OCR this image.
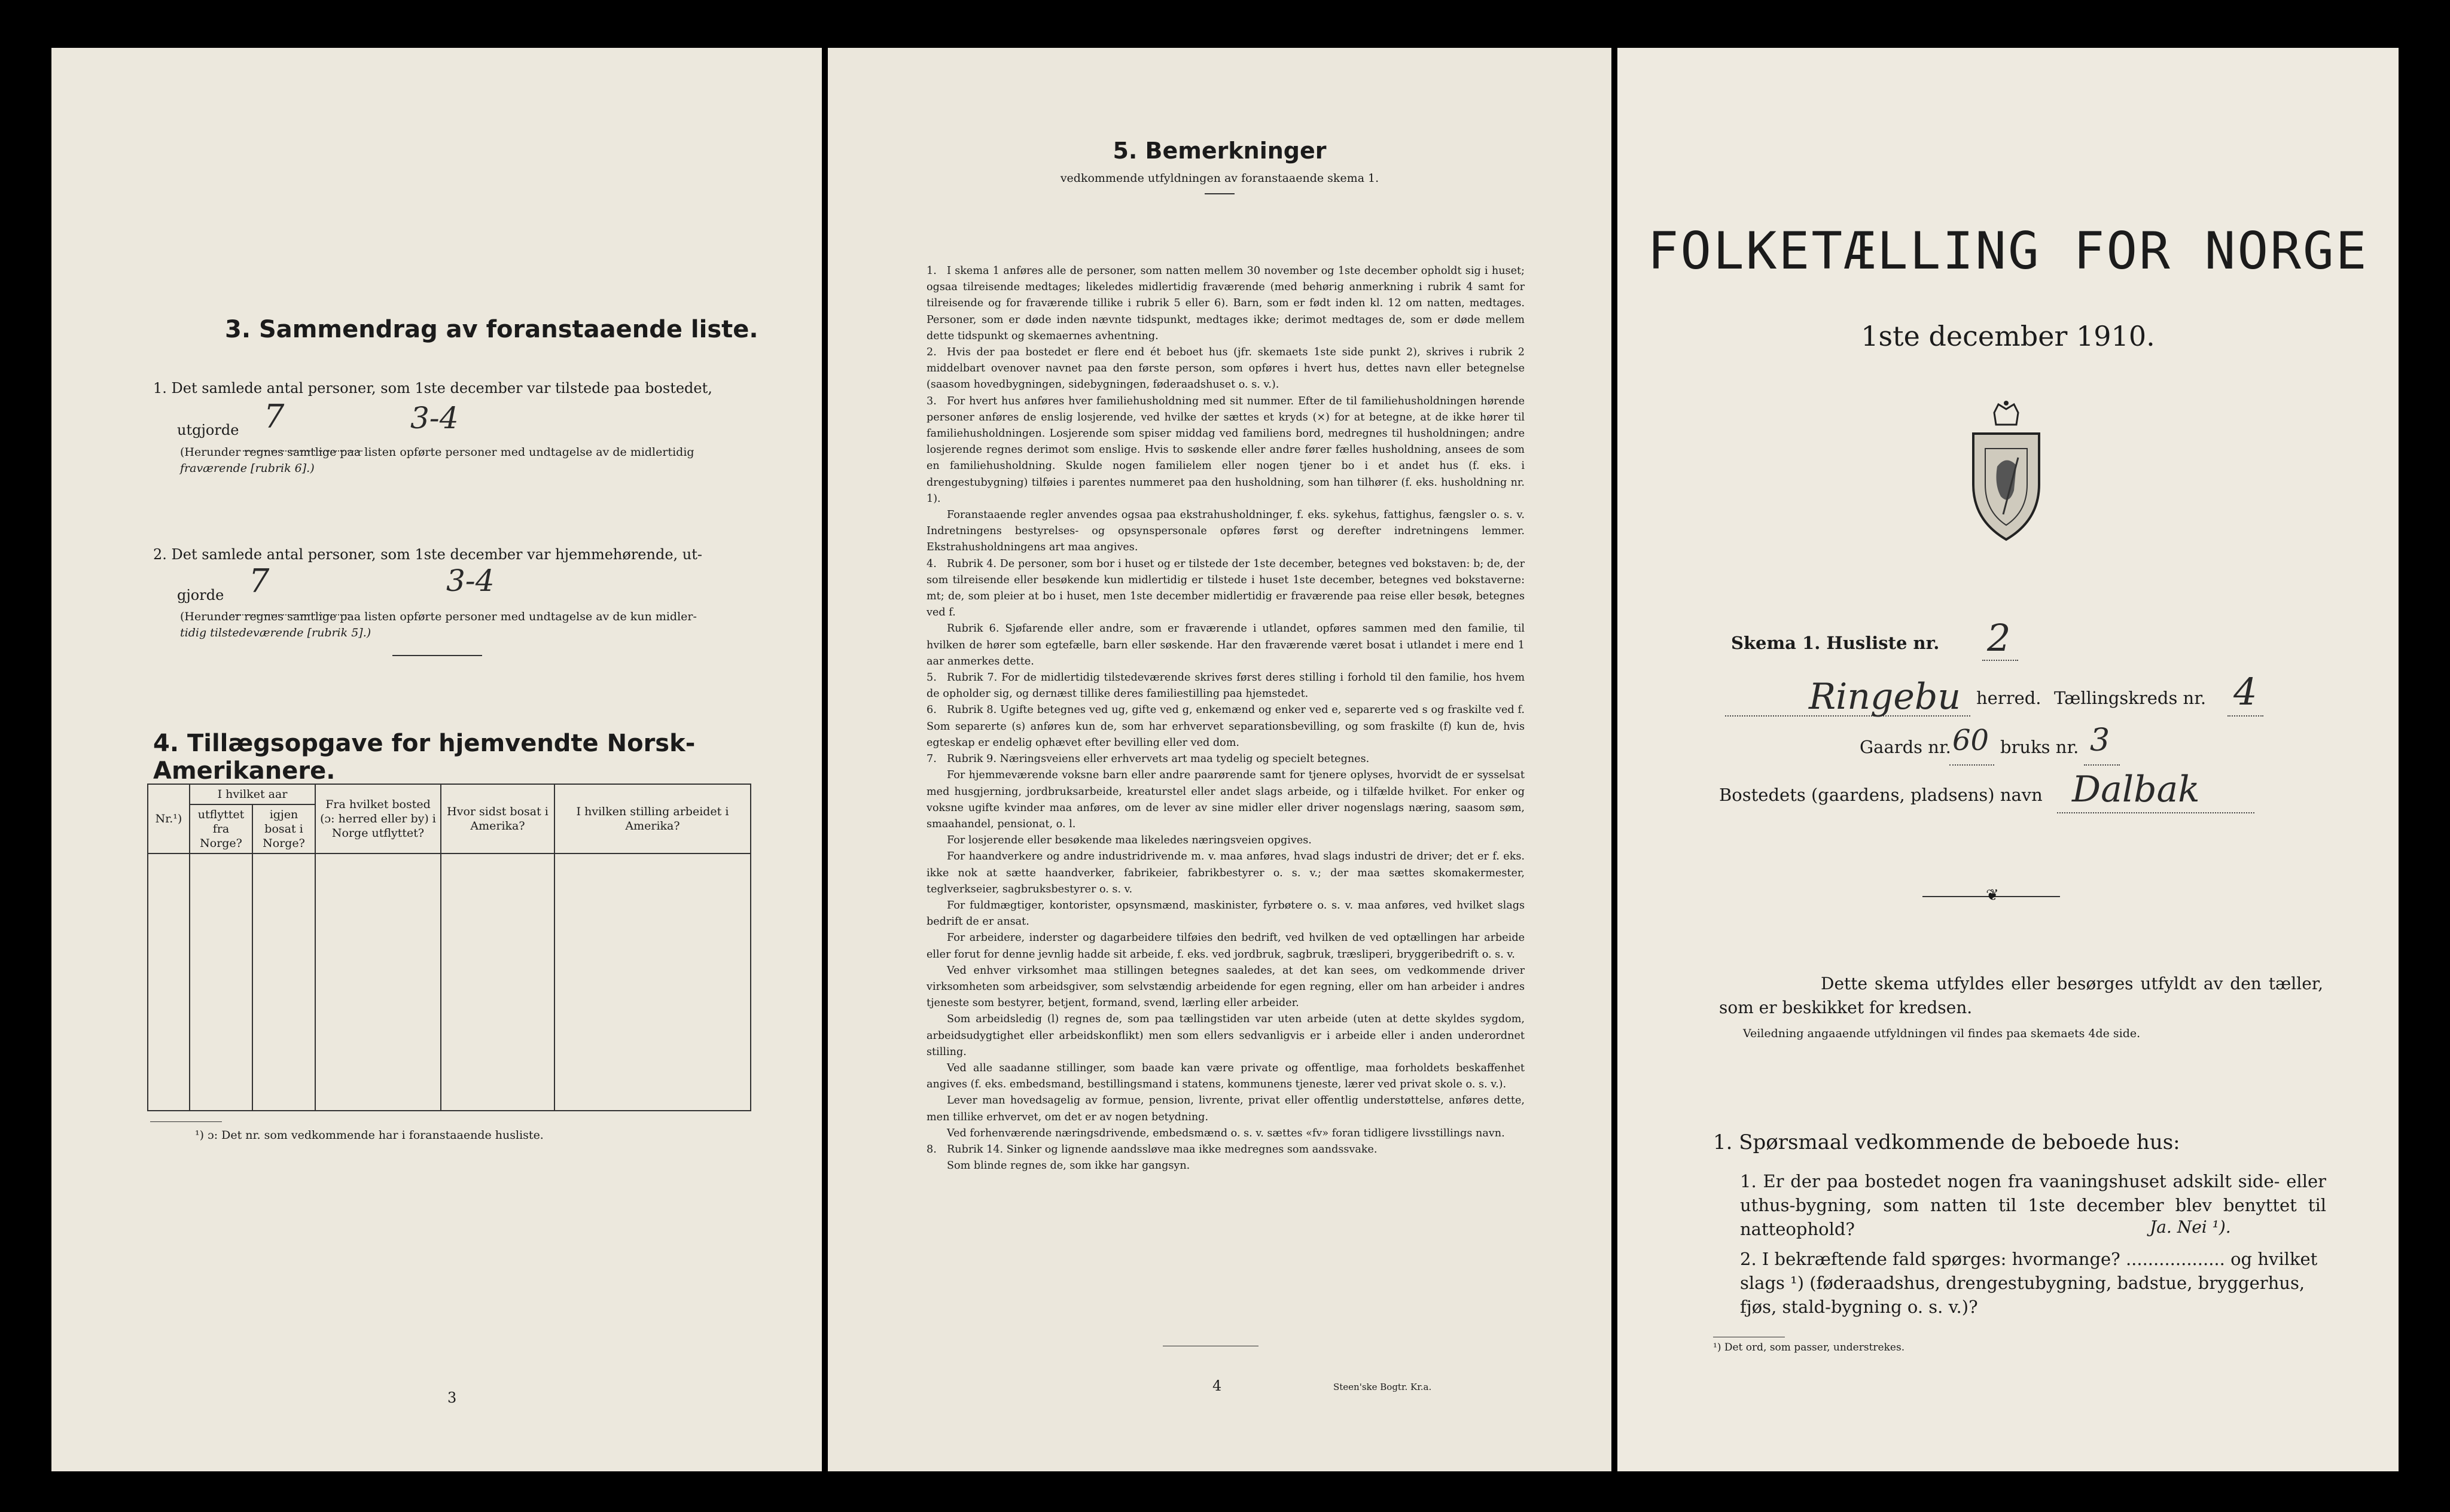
3. Sammendrag av foranstaaende liste.
1. Det samlede antal personer, som 1ste december var tilstede paa bostedet,
utgjorde 7	3-4
(Herunder regnes samtlige paa listen opførte personer med undtagelse av de midlertidig
fraværende [rubrik 6].)
2. Det samlede antal personer, som 1ste december var hjemmehørende, ut-
gjorde 7	3-4
(Herunder regnes samtlige paa listen opførte personer med undtagelse av de kun midler-
tidig tilstedeværende [rubrik 5].)
4. Tillægsopgave for hjemvendte Norsk-Amerikanere.
Nr.¹)	I hvilket aar		Fra hvilket bosted (ɔ: herred eller by) i Norge utflyttet?	Hvor sidst bosat i Amerika?	I hvilken stilling arbeidet i Amerika?
	utflyttet fra Norge?	igjen bosat i Norge?			

¹) ɔ: Det nr. som vedkommende har i foranstaaende husliste.
3
5. Bemerkninger
vedkommende utfyldningen av foranstaaende skema 1.
1. I skema 1 anføres alle de personer, som natten mellem 30 november og 1ste december opholdt sig i huset; ogsaa tilreisende medtages; likeledes midlertidig fraværende (med behørig anmerkning i rubrik 4 samt for tilreisende og for fraværende tillike i rubrik 5 eller 6). Barn, som er født inden kl. 12 om natten, medtages. Personer, som er døde inden nævnte tidspunkt, medtages ikke; derimot medtages de, som er døde mellem dette tidspunkt og skemaernes avhentning.
2. Hvis der paa bostedet er flere end ét beboet hus (jfr. skemaets 1ste side punkt 2), skrives i rubrik 2 middelbart ovenover navnet paa den første person, som opføres i hvert hus, dettes navn eller betegnelse (saasom hovedbygningen, sidebygningen, føderaadshuset o. s. v.).
3. For hvert hus anføres hver familiehusholdning med sit nummer. Efter de til familiehusholdningen hørende personer anføres de enslig losjerende, ved hvilke der sættes et kryds (×) for at betegne, at de ikke hører til familiehusholdningen. Losjerende som spiser middag ved familiens bord, medregnes til husholdningen; andre losjerende regnes derimot som enslige. Hvis to søskende eller andre fører fælles husholdning, ansees de som en familiehusholdning. Skulde nogen familielem eller nogen tjener bo i et andet hus (f. eks. i drengestubygning) tilføies i parentes nummeret paa den husholdning, som han tilhører (f. eks. husholdning nr. 1).
Foranstaaende regler anvendes ogsaa paa ekstrahusholdninger, f. eks. sykehus, fattighus, fængsler o. s. v. Indretningens bestyrelses- og opsynspersonale opføres først og derefter indretningens lemmer. Ekstrahusholdningens art maa angives.
4. Rubrik 4. De personer, som bor i huset og er tilstede der 1ste december, betegnes ved bokstaven: b; de, der som tilreisende eller besøkende kun midlertidig er tilstede i huset 1ste december, betegnes ved bokstaverne: mt; de, som pleier at bo i huset, men 1ste december midlertidig er fraværende paa reise eller besøk, betegnes ved f.
Rubrik 6. Sjøfarende eller andre, som er fraværende i utlandet, opføres sammen med den familie, til hvilken de hører som egtefælle, barn eller søskende. Har den fraværende været bosat i utlandet i mere end 1 aar anmerkes dette.
5. Rubrik 7. For de midlertidig tilstedeværende skrives først deres stilling i forhold til den familie, hos hvem de opholder sig, og dernæst tillike deres familiestilling paa hjemstedet.
6. Rubrik 8. Ugifte betegnes ved ug, gifte ved g, enkemænd og enker ved e, separerte ved s og fraskilte ved f. Som separerte (s) anføres kun de, som har erhvervet separationsbevilling, og som fraskilte (f) kun de, hvis egteskap er endelig ophævet efter bevilling eller ved dom.
7. Rubrik 9. Næringsveiens eller erhvervets art maa tydelig og specielt betegnes.
For hjemmeværende voksne barn eller andre paarørende samt for tjenere oplyses, hvorvidt de er sysselsat med husgjerning, jordbruksarbeide, kreaturstel eller andet slags arbeide, og i tilfælde hvilket. For enker og voksne ugifte kvinder maa anføres, om de lever av sine midler eller driver nogenslags næring, saasom søm, smaahandel, pensionat, o. l.
For losjerende eller besøkende maa likeledes næringsveien opgives.
For haandverkere og andre industridrivende m. v. maa anføres, hvad slags industri de driver; det er f. eks. ikke nok at sætte haandverker, fabrikeier, fabrikbestyrer o. s. v.; der maa sættes skomakermester, teglverkseier, sagbruksbestyrer o. s. v.
For fuldmægtiger, kontorister, opsynsmænd, maskinister, fyrbøtere o. s. v. maa anføres, ved hvilket slags bedrift de er ansat.
For arbeidere, inderster og dagarbeidere tilføies den bedrift, ved hvilken de ved optællingen har arbeide eller forut for denne jevnlig hadde sit arbeide, f. eks. ved jordbruk, sagbruk, træsliperi, bryggeribedrift o. s. v.
Ved enhver virksomhet maa stillingen betegnes saaledes, at det kan sees, om vedkommende driver virksomheten som arbeidsgiver, som selvstændig arbeidende for egen regning, eller om han arbeider i andres tjeneste som bestyrer, betjent, formand, svend, lærling eller arbeider.
Som arbeidsledig (l) regnes de, som paa tællingstiden var uten arbeide (uten at dette skyldes sygdom, arbeidsudygtighet eller arbeidskonflikt) men som ellers sedvanligvis er i arbeide eller i anden underordnet stilling.
Ved alle saadanne stillinger, som baade kan være private og offentlige, maa forholdets beskaffenhet angives (f. eks. embedsmand, bestillingsmand i statens, kommunens tjeneste, lærer ved privat skole o. s. v.).
Lever man hovedsagelig av formue, pension, livrente, privat eller offentlig understøttelse, anføres dette, men tillike erhvervet, om det er av nogen betydning.
Ved forhenværende næringsdrivende, embedsmænd o. s. v. sættes «fv» foran tidligere livsstillings navn.
8. Rubrik 14. Sinker og lignende aandssløve maa ikke medregnes som aandssvake.
Som blinde regnes de, som ikke har gangsyn.
4	Steen'ske Bogtr. Kr.a.
FOLKETÆLLING FOR NORGE
1ste december 1910.
Skema 1. Husliste nr. 2
Ringebu herred. Tællingskreds nr. 4
Gaards nr. 60 bruks nr. 3
Bostedets (gaardens, pladsens) navn Dalbak
❦
Dette skema utfyldes eller besørges utfyldt av den tæller, som er beskikket for kredsen.
Veiledning angaaende utfyldningen vil findes paa skemaets 4de side.
1. Spørsmaal vedkommende de beboede hus:
1. Er der paa bostedet nogen fra vaaningshuset adskilt side- eller uthus-bygning, som natten til 1ste december blev benyttet til natteophold?	Ja. Nei ¹).
2. I bekræftende fald spørges: hvormange? .................. og hvilket slags ¹) (føderaadshus, drengestubygning, badstue, bryggerhus, fjøs, stald-bygning o. s. v.)?
¹) Det ord, som passer, understrekes.
